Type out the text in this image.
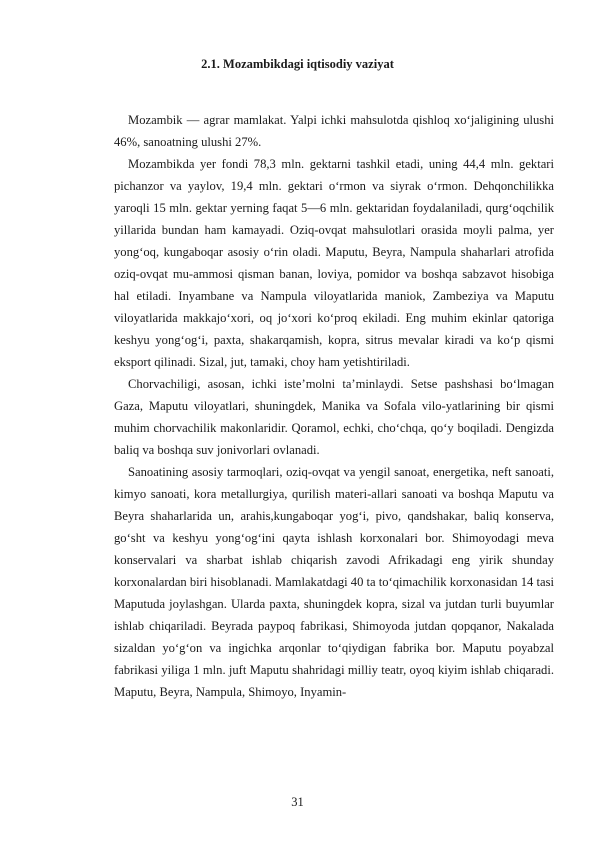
2.1. Mozambikdagi iqtisodiy vaziyat

Mozambik — agrar mamlakat. Yalpi ichki mahsulotda qishloq xo‘jaligining ulushi 46%, sanoatning ulushi 27%.

Mozambikda yer fondi 78,3 mln. gektarni tashkil etadi, uning 44,4 mln. gektari pichanzor va yaylov, 19,4 mln. gektari o‘rmon va siyrak o‘rmon. Dehqonchilikka yaroqli 15 mln. gektar yerning faqat 5—6 mln. gektaridan foydalaniladi, qurg‘oqchilik yillarida bundan ham kamayadi. Oziq-ovqat mahsulotlari orasida moyli palma, yer yong‘oq, kungaboqar asosiy o‘rin oladi. Maputu, Beyra, Nampula shaharlari atrofida oziq-ovqat mu-ammosi qisman banan, loviya, pomidor va boshqa sabzavot hisobiga hal etiladi. Inyambane va Nampula viloyatlarida maniok, Zambeziya va Maputu viloyatlarida makkajo‘xori, oq jo‘xori ko‘proq ekiladi. Eng muhim ekinlar qatoriga keshyu yong‘og‘i, paxta, shakarqamish, kopra, sitrus mevalar kiradi va ko‘p qismi eksport qilinadi. Sizal, jut, tamaki, choy ham yetishtiriladi.

Chorvachiligi, asosan, ichki iste’molni ta’minlaydi. Setse pashshasi bo‘lmagan Gaza, Maputu viloyatlari, shuningdek, Manika va Sofala vilo-yatlarining bir qismi muhim chorvachilik makonlaridir. Qoramol, echki, cho‘chqa, qo‘y boqiladi. Dengizda baliq va boshqa suv jonivorlari ovlanadi.

Sanoatining asosiy tarmoqlari, oziq-ovqat va yengil sanoat, energetika, neft sanoati, kimyo sanoati, kora metallurgiya, qurilish materi-allari sanoati va boshqa Maputu va Beyra shaharlarida un, arahis,kungaboqar yog‘i, pivo, qandshakar, baliq konserva, go‘sht va keshyu yong‘og‘ini qayta ishlash korxonalari bor. Shimoyodagi meva konservalari va sharbat ishlab chiqarish zavodi Afrikadagi eng yirik shunday korxonalardan biri hisoblanadi. Mamlakatdagi 40 ta to‘qimachilik korxonasidan 14 tasi Maputuda joylashgan. Ularda paxta, shuningdek kopra, sizal va jutdan turli buyumlar ishlab chiqariladi. Beyrada paypoq fabrikasi, Shimoyoda jutdan qopqanor, Nakalada sizaldan yo‘g‘on va ingichka arqonlar to‘qiydigan fabrika bor. Maputu poyabzal fabrikasi yiliga 1 mln. juft Maputu shahridagi milliy teatr, oyoq kiyim ishlab chiqaradi. Maputu, Beyra, Nampula, Shimoyo, Inyamin-

31
